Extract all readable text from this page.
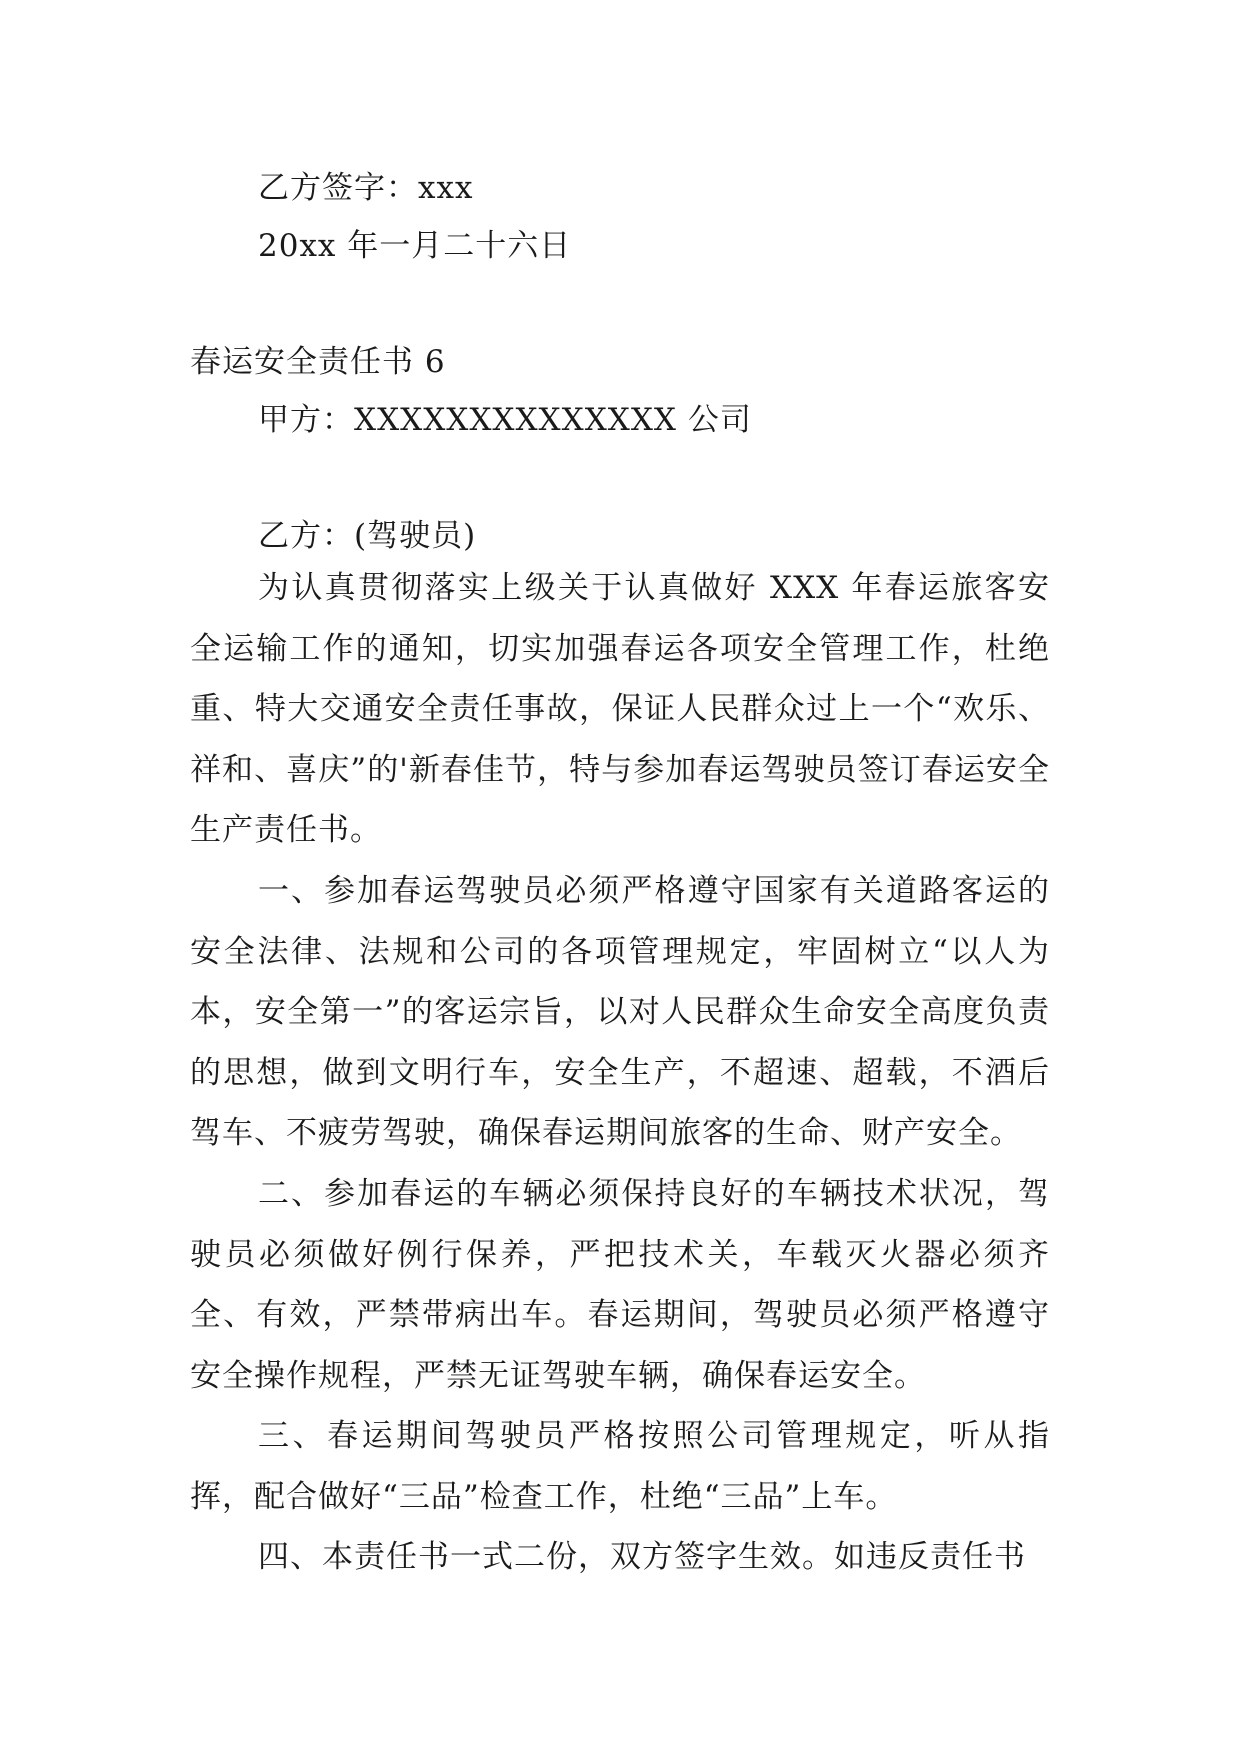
乙方签字：xxx
20xx 年一月二十六日
春运安全责任书 6
甲方：XXXXXXXXXXXXXX 公司
乙方：(驾驶员)

为认真贯彻落实上级关于认真做好 XXX 年春运旅客安全运输工作的通知，切实加强春运各项安全管理工作，杜绝重、特大交通安全责任事故，保证人民群众过上一个“欢乐、祥和、喜庆”的'新春佳节，特与参加春运驾驶员签订春运安全生产责任书。

一、参加春运驾驶员必须严格遵守国家有关道路客运的安全法律、法规和公司的各项管理规定，牢固树立“以人为本，安全第一”的客运宗旨，以对人民群众生命安全高度负责的思想，做到文明行车，安全生产，不超速、超载，不酒后驾车、不疲劳驾驶，确保春运期间旅客的生命、财产安全。

二、参加春运的车辆必须保持良好的车辆技术状况，驾驶员必须做好例行保养，严把技术关，车载灭火器必须齐全、有效，严禁带病出车。春运期间，驾驶员必须严格遵守安全操作规程，严禁无证驾驶车辆，确保春运安全。

三、春运期间驾驶员严格按照公司管理规定，听从指挥，配合做好“三品”检查工作，杜绝“三品”上车。

四、本责任书一式二份，双方签字生效。如违反责任书
